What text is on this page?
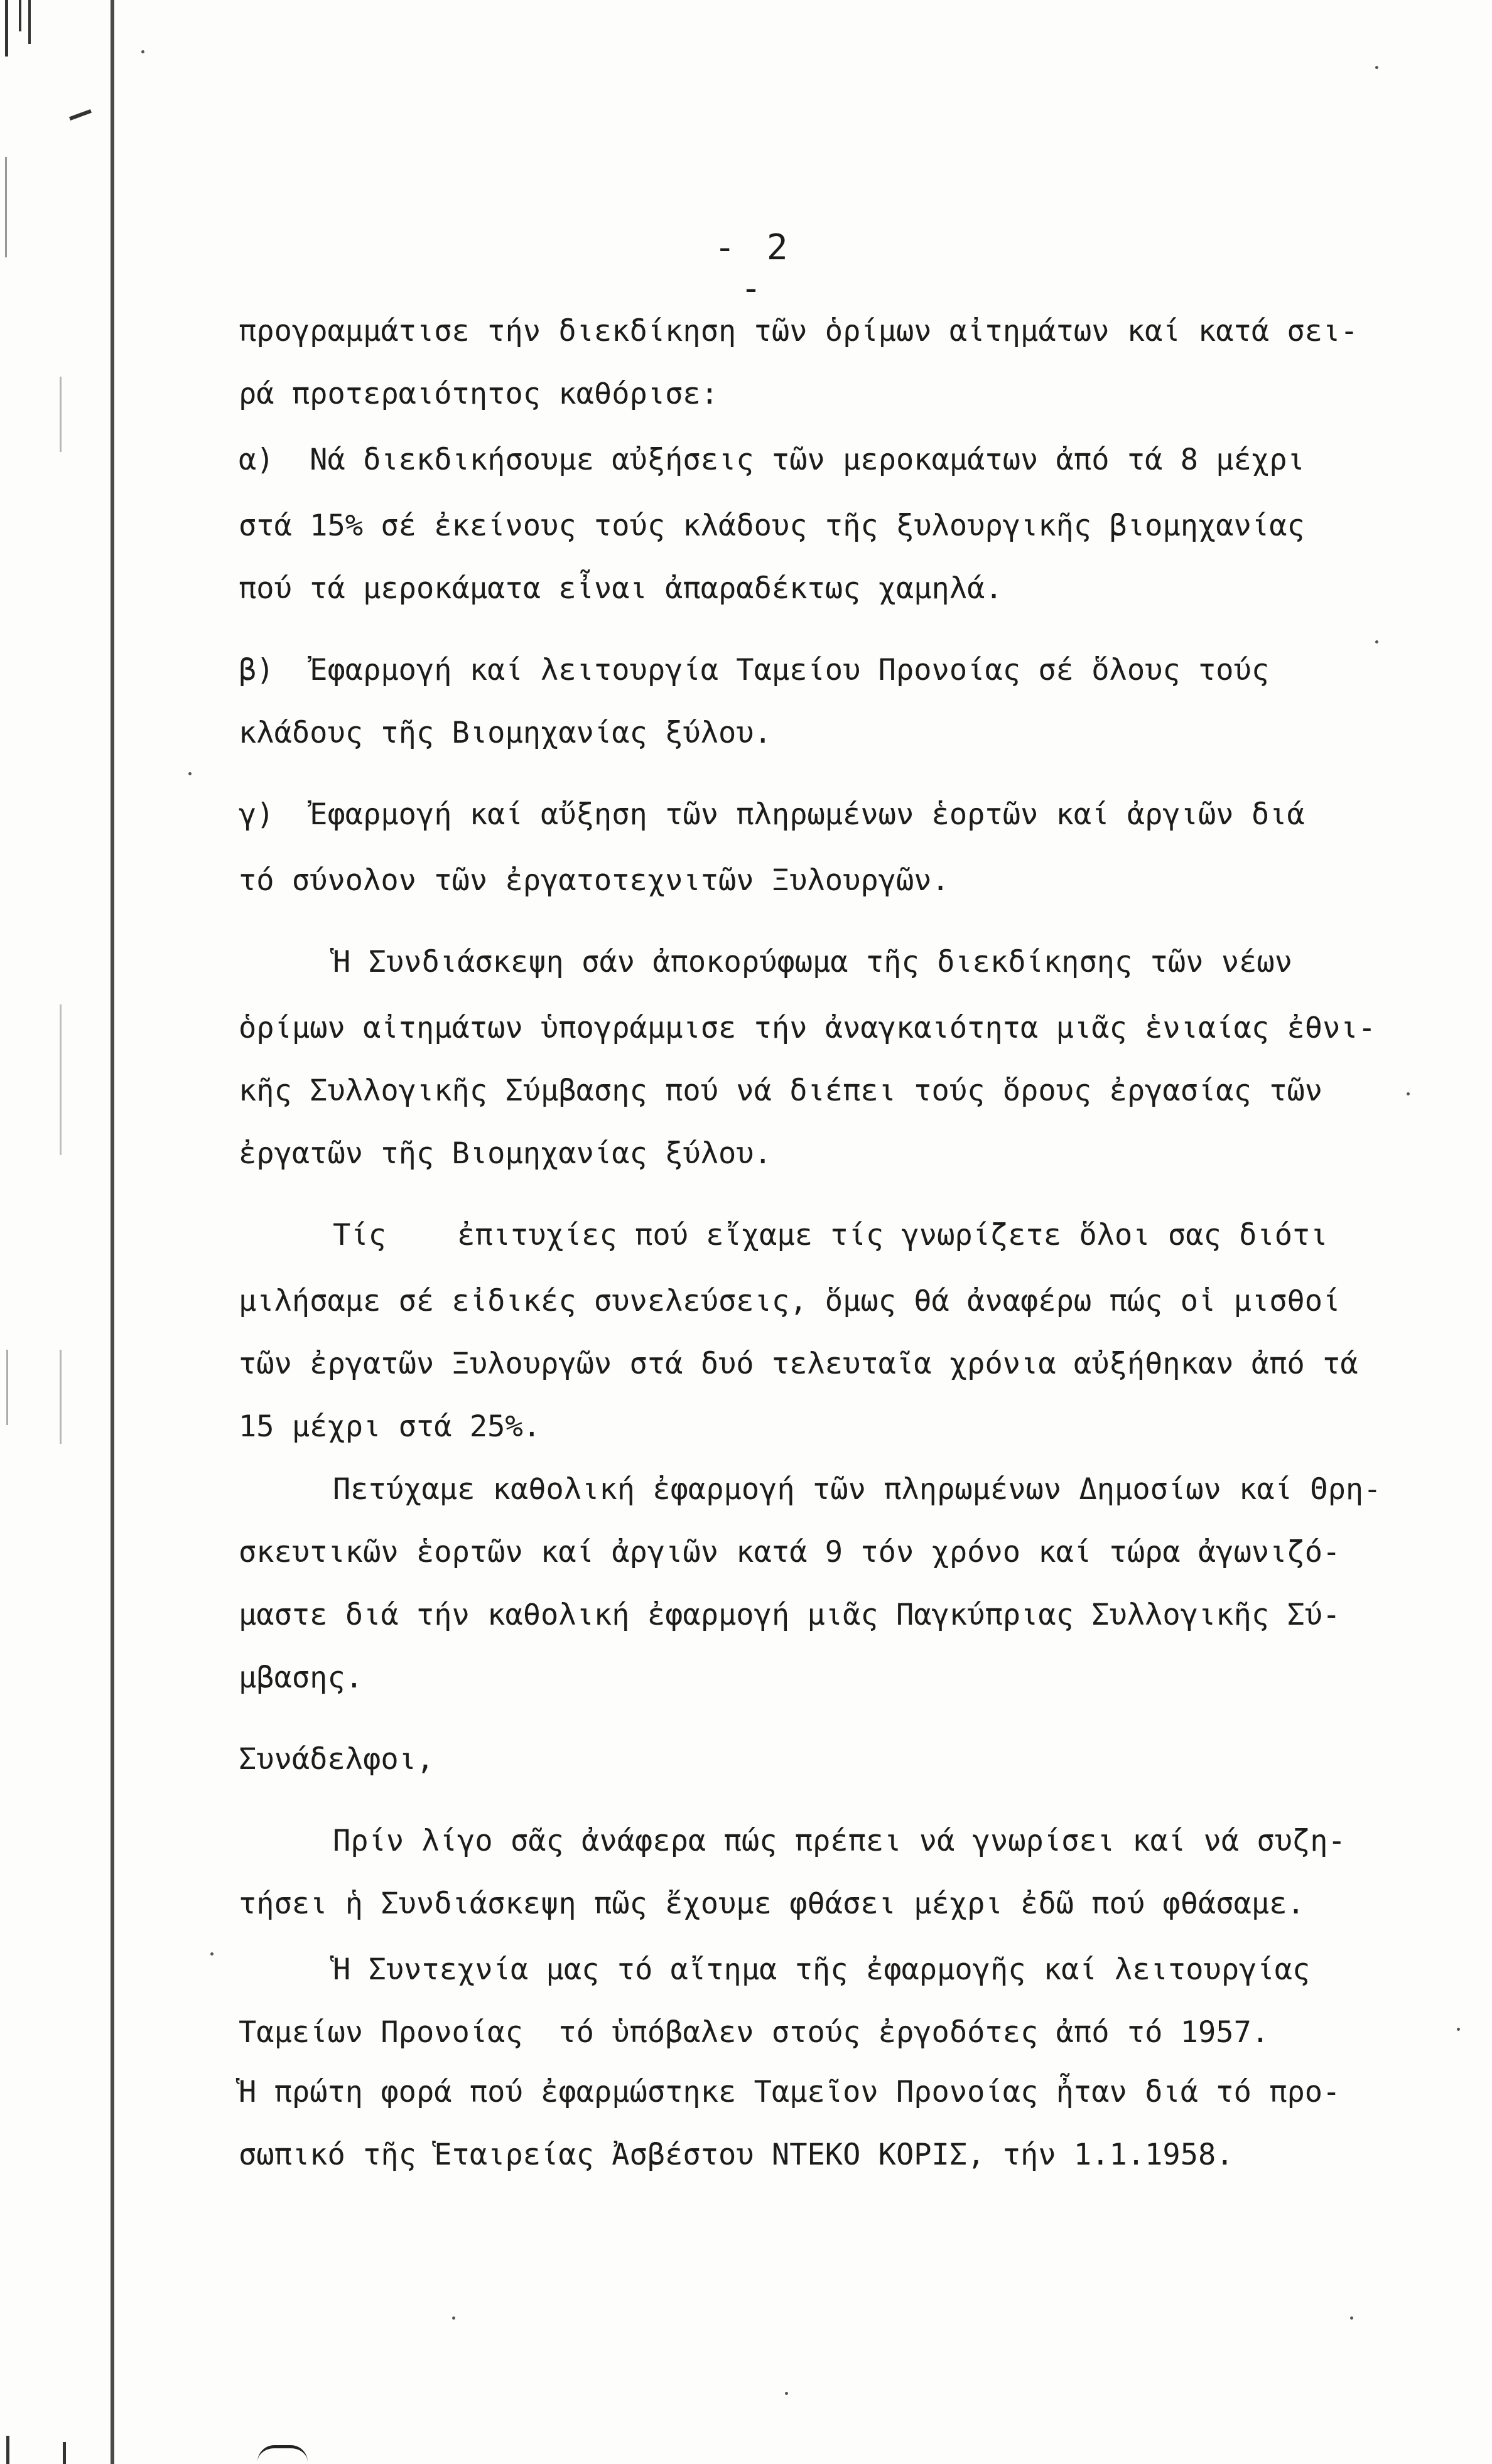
- 2 -

προγραμμάτισε τήν διεκδίκηση τῶν ὁρίμων αἰτημάτων καί κατά σει-

ρά προτεραιότητος καθόρισε:

α)  Νά διεκδικήσουμε αὐξήσεις τῶν μεροκαμάτων ἀπό τά 8 μέχρι

στά 15% σέ ἐκείνους τούς κλάδους τῆς ξυλουργικῆς βιομηχανίας

πού τά μεροκάματα εἶναι ἀπαραδέκτως χαμηλά.

β)  Ἐφαρμογή καί λειτουργία Ταμείου Προνοίας σέ ὅλους τούς

κλάδους τῆς Βιομηχανίας ξύλου.

γ)  Ἐφαρμογή καί αὔξηση τῶν πληρωμένων ἑορτῶν καί ἀργιῶν διά

τό σύνολον τῶν ἐργατοτεχνιτῶν Ξυλουργῶν.

Ἡ Συνδιάσκεψη σάν ἀποκορύφωμα τῆς διεκδίκησης τῶν νέων

ὁρίμων αἰτημάτων ὑπογράμμισε τήν ἀναγκαιότητα μιᾶς ἑνιαίας ἐθνι-

κῆς Συλλογικῆς Σύμβασης πού νά διέπει τούς ὅρους ἐργασίας τῶν

ἐργατῶν τῆς Βιομηχανίας ξύλου.

Τίς    ἐπιτυχίες πού εἴχαμε τίς γνωρίζετε ὅλοι σας διότι

μιλήσαμε σέ εἰδικές συνελεύσεις, ὅμως θά ἀναφέρω πώς οἱ μισθοί

τῶν ἐργατῶν Ξυλουργῶν στά δυό τελευταῖα χρόνια αὐξήθηκαν ἀπό τά

15 μέχρι στά 25%.

Πετύχαμε καθολική ἐφαρμογή τῶν πληρωμένων Δημοσίων καί Θρη-

σκευτικῶν ἑορτῶν καί ἀργιῶν κατά 9 τόν χρόνο καί τώρα ἀγωνιζό-

μαστε διά τήν καθολική ἐφαρμογή μιᾶς Παγκύπριας Συλλογικῆς Σύ-

μβασης.

Συνάδελφοι,

Πρίν λίγο σᾶς ἀνάφερα πώς πρέπει νά γνωρίσει καί νά συζη-

τήσει ἡ Συνδιάσκεψη πῶς ἔχουμε φθάσει μέχρι ἐδῶ πού φθάσαμε.

Ἡ Συντεχνία μας τό αἴτημα τῆς ἐφαρμογῆς καί λειτουργίας

Ταμείων Προνοίας  τό ὑπόβαλεν στούς ἐργοδότες ἀπό τό 1957.

Ἡ πρώτη φορά πού ἐφαρμώστηκε Ταμεῖον Προνοίας ἦταν διά τό προ-

σωπικό τῆς Ἑταιρείας Ἀσβέστου ΝΤΕΚΟ ΚΟΡΙΣ, τήν 1.1.1958.
